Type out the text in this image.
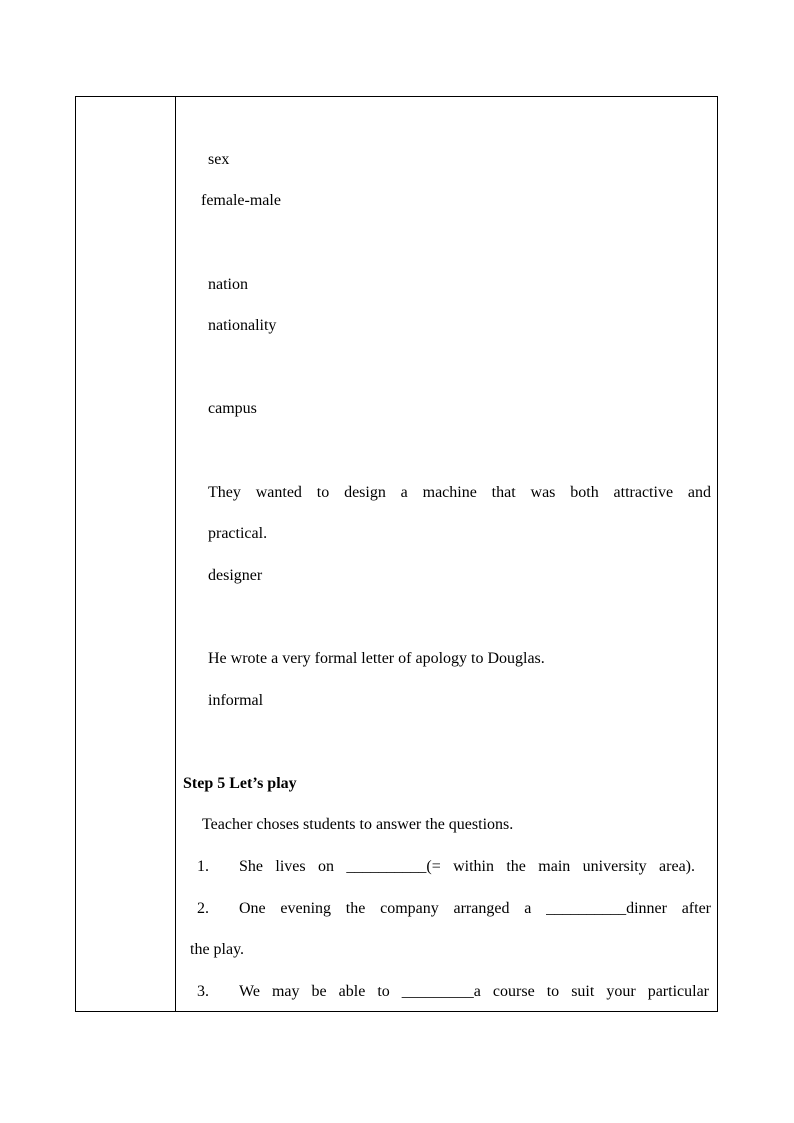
sex
female-male
nation
nationality
campus
They wanted to design a machine that was both attractive and
practical.
designer
He wrote a very formal letter of apology to Douglas.
informal
Step 5 Let’s play
Teacher choses students to answer the questions.
1. She lives on __________(= within the main university area).
2. One evening the company arranged a __________dinner after
the play.
3. We may be able to _________a course to suit your particular
